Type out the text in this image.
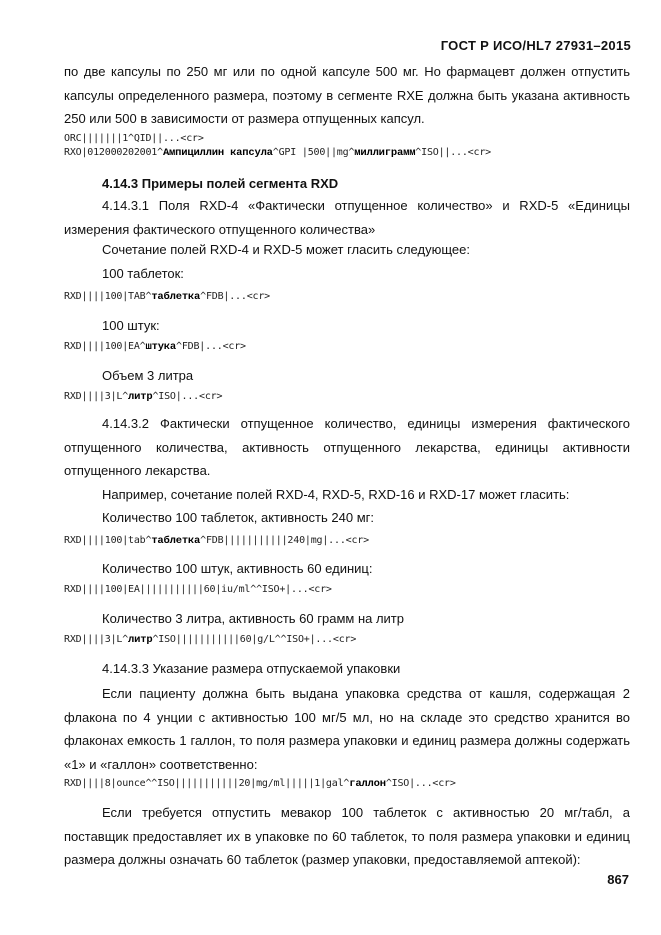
ГОСТ Р ИСО/HL7 27931–2015

по две капсулы по 250 мг или по одной капсуле 500 мг. Но фармацевт должен отпустить капсулы определенного размера, поэтому в сегменте RXE должна быть указана активность 250 или 500 в зависимости от размера отпущенных капсул.

ORC|||||||1^QID||...<cr>
RXO|012000202001^Ампициллин капсула^GPI |500||mg^миллиграмм^ISO||...<cr>
4.14.3 Примеры полей сегмента RXD

4.14.3.1 Поля RXD-4 «Фактически отпущенное количество» и RXD-5 «Единицы измерения фактического отпущенного количества»

Сочетание полей RXD-4 и RXD-5 может гласить следующее:
100 таблеток:
RXD||||100|TAB^таблетка^FDB|...<cr>
100 штук:
RXD||||100|EA^штука^FDB|...<cr>
Объем 3 литра
RXD||||3|L^литр^ISO|...<cr>

4.14.3.2 Фактически отпущенное количество, единицы измерения фактического отпущенного количества, активность отпущенного лекарства, единицы активности отпущенного лекарства.

Например, сочетание полей RXD-4, RXD-5, RXD-16 и RXD-17 может гласить:
Количество 100 таблеток, активность 240 мг:
RXD||||100|tab^таблетка^FDB|||||||||||240|mg|...<cr>
Количество 100 штук, активность 60 единиц:
RXD||||100|EA|||||||||||60|iu/ml^^ISO+|...<cr>
Количество 3 литра, активность 60 грамм на литр
RXD||||3|L^литр^ISO|||||||||||60|g/L^^ISO+|...<cr>
4.14.3.3 Указание размера отпускаемой упаковки

Если пациенту должна быть выдана упаковка средства от кашля, содержащая 2 флакона по 4 унции с активностью 100 мг/5 мл, но на складе это средство хранится во флаконах емкость 1 галлон, то поля размера упаковки и единиц размера должны содержать «1» и «галлон» соответственно:

RXD||||8|ounce^^ISO|||||||||||20|mg/ml|||||1|gal^галлон^ISO|...<cr>

Если требуется отпустить мевакор 100 таблеток с активностью 20 мг/табл, а поставщик предоставляет их в упаковке по 60 таблеток, то поля размера упаковки и единиц размера должны означать 60 таблеток (размер упаковки, предоставляемой аптекой):

867
